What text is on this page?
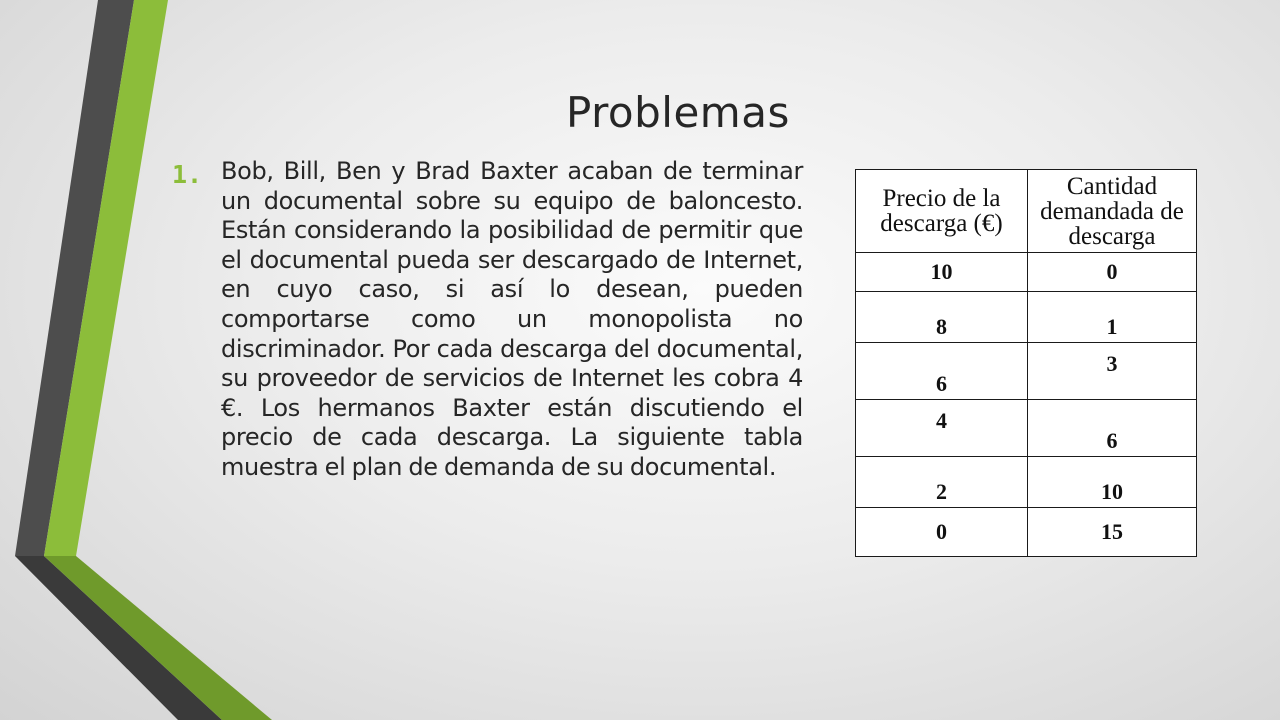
Problemas
1. Bob, Bill, Ben y Brad Baxter acaban de terminar un documental sobre su equipo de baloncesto. Están considerando la posibilidad de permitir que el documental pueda ser descargado de Internet, en cuyo caso, si así lo desean, pueden comportarse como un monopolista no discriminador. Por cada descarga del documental, su proveedor de servicios de Internet les cobra 4 €. Los hermanos Baxter están discutiendo el precio de cada descarga. La siguiente tabla muestra el plan de demanda de su documental.

Precio de la descarga (€)	Cantidad demandada de descarga
10	0
8	1
6	3
4	6
2	10
0	15
